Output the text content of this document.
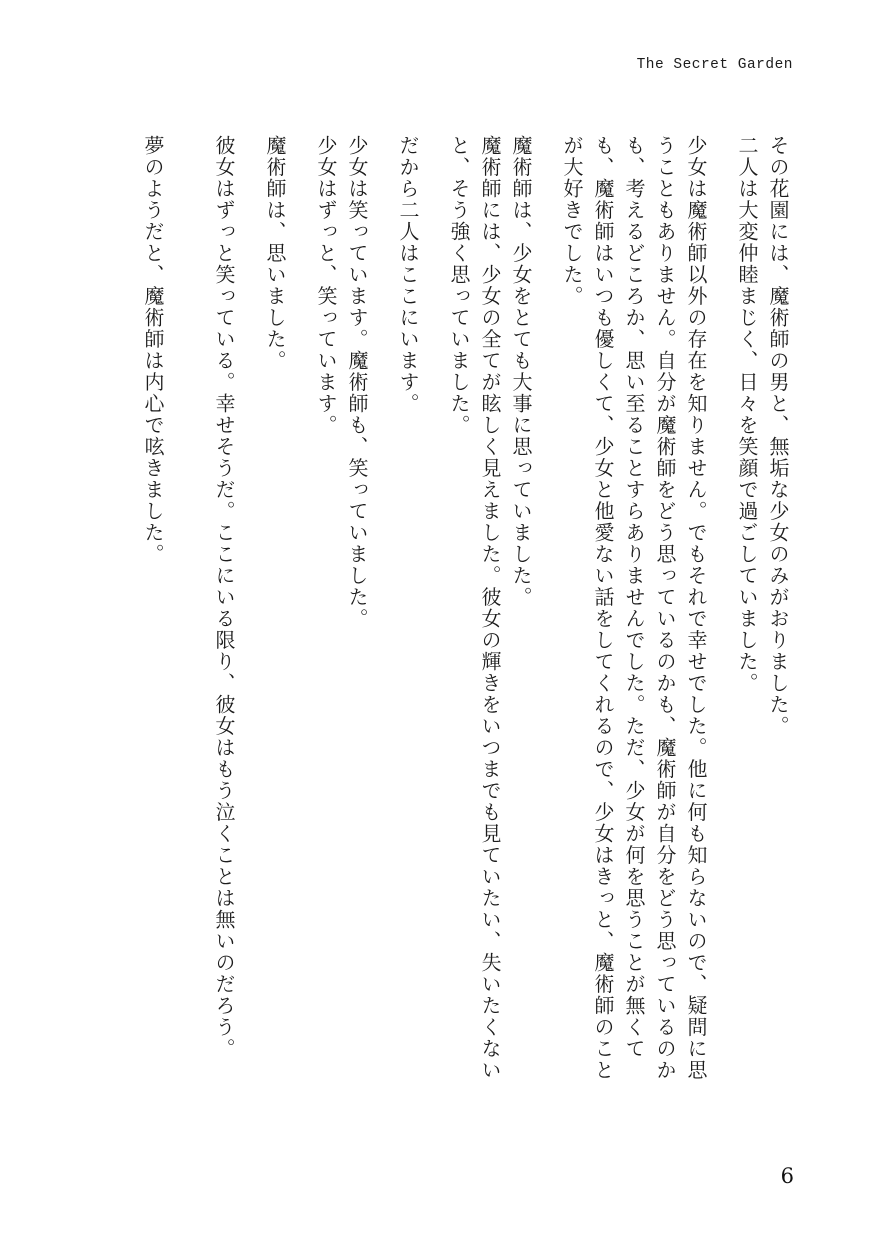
The Secret Garden

その花園には、魔術師の男と、無垢な少女のみがおりました。

二人は大変仲睦まじく、日々を笑顔で過ごしていました。

少女は魔術師以外の存在を知りません。でもそれで幸せでした。他に何も知らないので、疑問に思うこともありません。自分が魔術師をどう思っているのかも、魔術師が自分をどう思っているのかも、考えるどころか、思い至ることすらありませんでした。ただ、少女が何を思うことが無くても、魔術師はいつも優しくて、少女と他愛ない話をしてくれるので、少女はきっと、魔術師のことが大好きでした。

魔術師は、少女をとても大事に思っていました。

魔術師には、少女の全てが眩しく見えました。彼女の輝きをいつまでも見ていたい、失いたくないと、そう強く思っていました。

だから二人はここにいます。

少女は笑っています。魔術師も、笑っていました。

少女はずっと、笑っています。

魔術師は、思いました。

彼女はずっと笑っている。幸せそうだ。ここにいる限り、彼女はもう泣くことは無いのだろう。

夢のようだと、魔術師は内心で呟きました。

6
